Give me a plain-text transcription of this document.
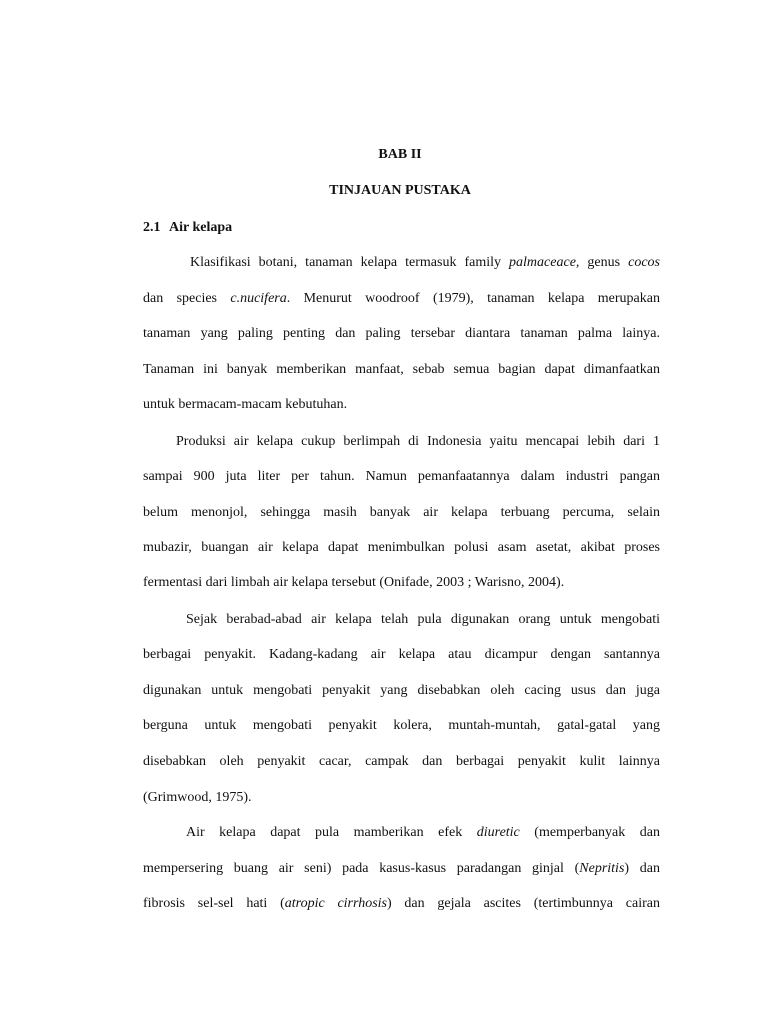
BAB II
TINJAUAN PUSTAKA
2.1 Air kelapa
Klasifikasi botani, tanaman kelapa termasuk family palmaceace, genus cocos
dan species c.nucifera. Menurut woodroof (1979), tanaman kelapa merupakan
tanaman yang paling penting dan paling tersebar diantara tanaman palma lainya.
Tanaman ini banyak memberikan manfaat, sebab semua bagian dapat dimanfaatkan
untuk bermacam-macam kebutuhan.
Produksi air kelapa cukup berlimpah di Indonesia yaitu mencapai lebih dari 1
sampai 900 juta liter per tahun. Namun pemanfaatannya dalam industri pangan
belum menonjol, sehingga masih banyak air kelapa terbuang percuma, selain
mubazir, buangan air kelapa dapat menimbulkan polusi asam asetat, akibat proses
fermentasi dari limbah air kelapa tersebut (Onifade, 2003 ; Warisno, 2004).
Sejak berabad-abad air kelapa telah pula digunakan orang untuk mengobati
berbagai penyakit. Kadang-kadang air kelapa atau dicampur dengan santannya
digunakan untuk mengobati penyakit yang disebabkan oleh cacing usus dan juga
berguna untuk mengobati penyakit kolera, muntah-muntah, gatal-gatal yang
disebabkan oleh penyakit cacar, campak dan berbagai penyakit kulit lainnya
(Grimwood, 1975).
Air kelapa dapat pula mamberikan efek diuretic (memperbanyak dan
mempersering buang air seni) pada kasus-kasus paradangan ginjal (Nepritis) dan
fibrosis sel-sel hati (atropic cirrhosis) dan gejala ascites (tertimbunnya cairan
